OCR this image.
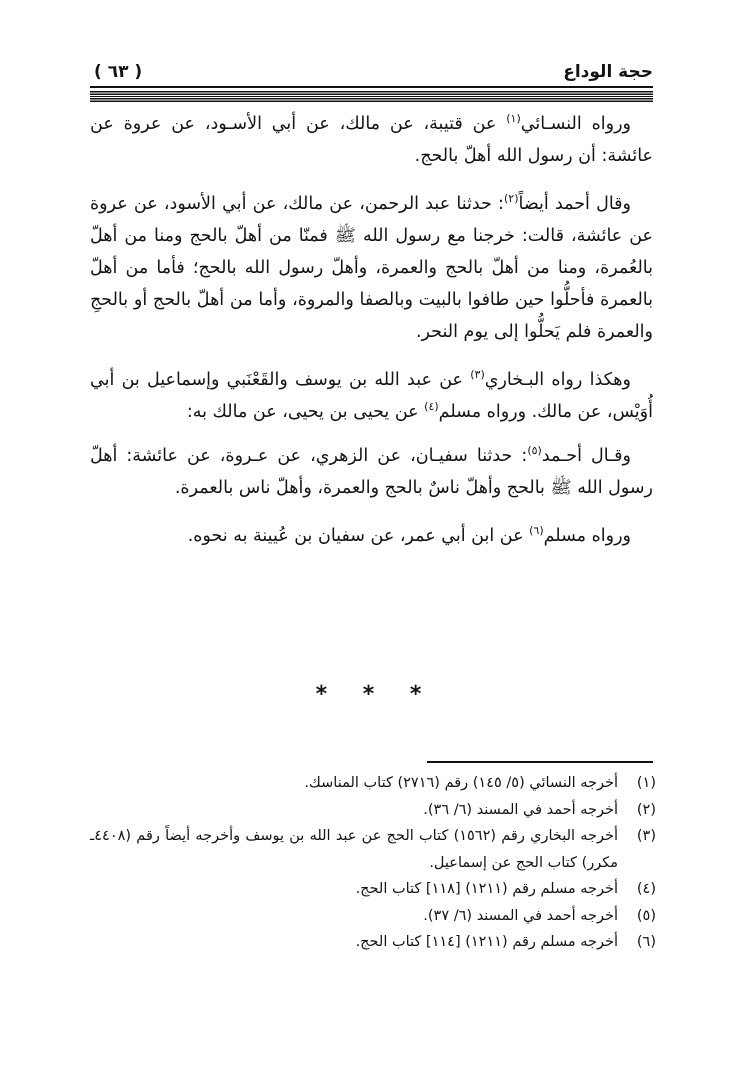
حجة الوداع
( ٦٣ )

ورواه النسـائي$^{(١)}$ عن قتيبة، عن مالك، عن أبي الأسـود، عن عروة عن عائشة: أن رسول الله أهلّ بالحج.

وقال أحمد أيضاً$^{(٢)}$: حدثنا عبد الرحمن، عن مالك، عن أبي الأسود، عن عروة عن عائشة، قالت: خرجنا مع رسول الله ﷺ فمنّا من أهلّ بالحج ومنا من أهلّ بالعُمرة، ومنا من أهلّ بالحج والعمرة، وأهلّ رسول الله بالحج؛ فأما من أهلّ بالعمرة فأحلُّوا حين طافوا بالبيت وبالصفا والمروة، وأما من أهلّ بالحج أو بالحجِ والعمرة فلم يَحلُّوا إلى يوم النحر.

وهكذا رواه البـخاري$^{(٣)}$ عن عبد الله بن يوسف والقَعْنَبي وإسماعيل بن أبي أُوَيْس، عن مالك. ورواه مسلم$^{(٤)}$ عن يحيى بن يحيى، عن مالك به:

وقـال أحـمد$^{(٥)}$: حدثنا سفيـان، عن الزهري، عن عـروة، عن عائشة: أهلّ رسول الله ﷺ بالحج وأهلّ ناسٌ بالحج والعمرة، وأهلّ ناس بالعمرة.

ورواه مسلم$^{(٦)}$ عن ابن أبي عمر، عن سفيان بن عُيينة به نحوه.

* * *
(١)
أخرجه النسائي (٥/ ١٤٥) رقم (٢٧١٦) كتاب المناسك.
(٢)
أخرجه أحمد في المسند (٦/ ٣٦).
(٣)
أخرجه البخاري رقم (١٥٦٢) كتاب الحج عن عبد الله بن يوسف وأخرجه أيضاً رقم (٤٤٠٨ـ مكرر) كتاب الحج عن إسماعيل.
(٤)
أخرجه مسلم رقم (١٢١١) [١١٨] كتاب الحج.
(٥)
أخرجه أحمد في المسند (٦/ ٣٧).
(٦)
أخرجه مسلم رقم (١٢١١) [١١٤] كتاب الحج.
